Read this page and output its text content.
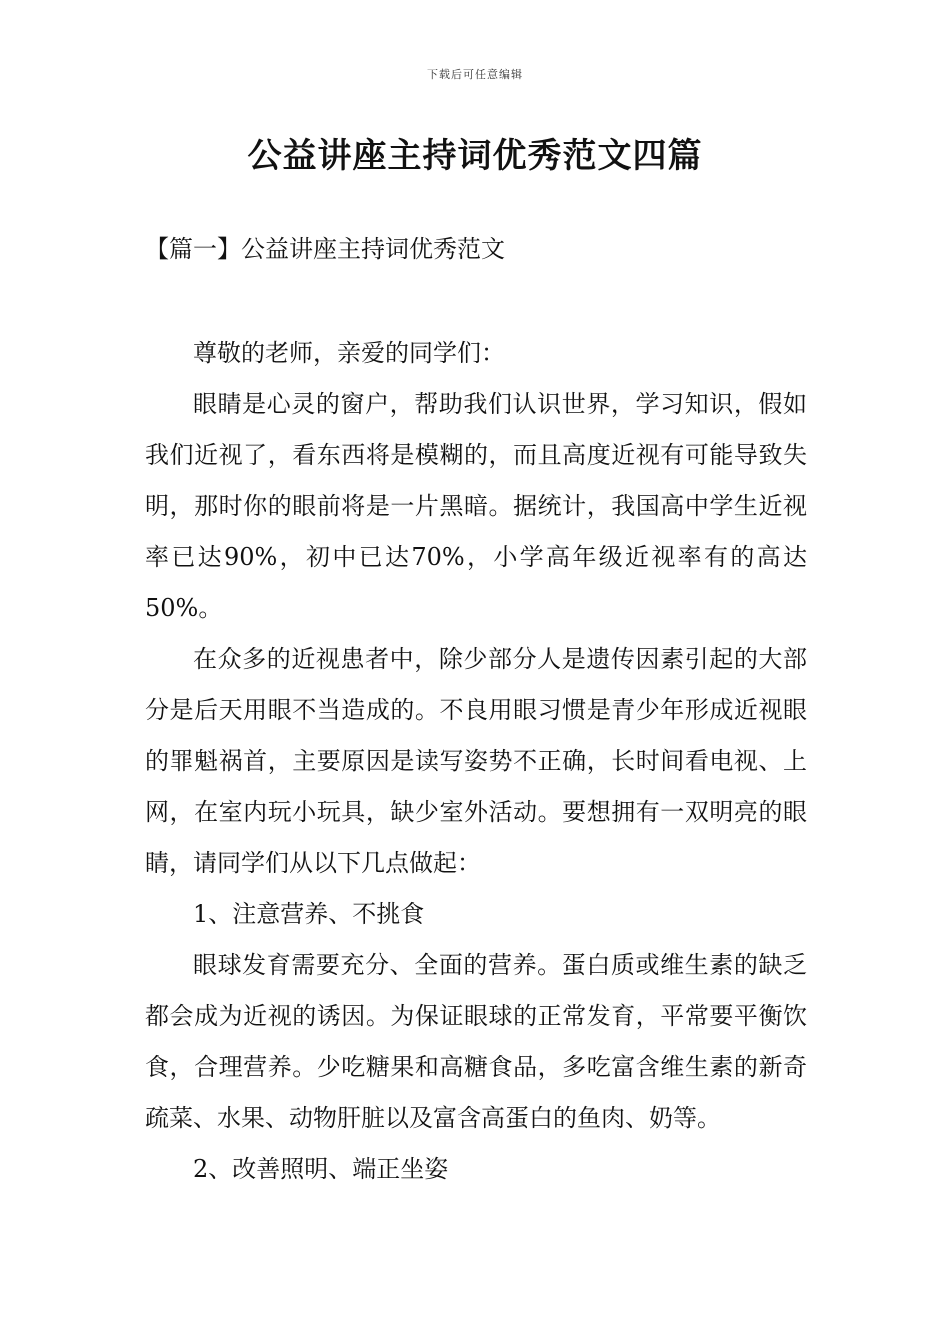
下载后可任意编辑
公益讲座主持词优秀范文四篇
【篇一】公益讲座主持词优秀范文

尊敬的老师，亲爱的同学们：

眼睛是心灵的窗户，帮助我们认识世界，学习知识，假如我们近视了，看东西将是模糊的，而且高度近视有可能导致失明，那时你的眼前将是一片黑暗。据统计，我国高中学生近视率已达90%，初中已达70%，小学高年级近视率有的高达50%。

在众多的近视患者中，除少部分人是遗传因素引起的大部分是后天用眼不当造成的。不良用眼习惯是青少年形成近视眼的罪魁祸首，主要原因是读写姿势不正确，长时间看电视、上网，在室内玩小玩具，缺少室外活动。要想拥有一双明亮的眼睛，请同学们从以下几点做起：

1、注意营养、不挑食

眼球发育需要充分、全面的营养。蛋白质或维生素的缺乏都会成为近视的诱因。为保证眼球的正常发育，平常要平衡饮食，合理营养。少吃糖果和高糖食品，多吃富含维生素的新奇疏菜、水果、动物肝脏以及富含高蛋白的鱼肉、奶等。

2、改善照明、端正坐姿
